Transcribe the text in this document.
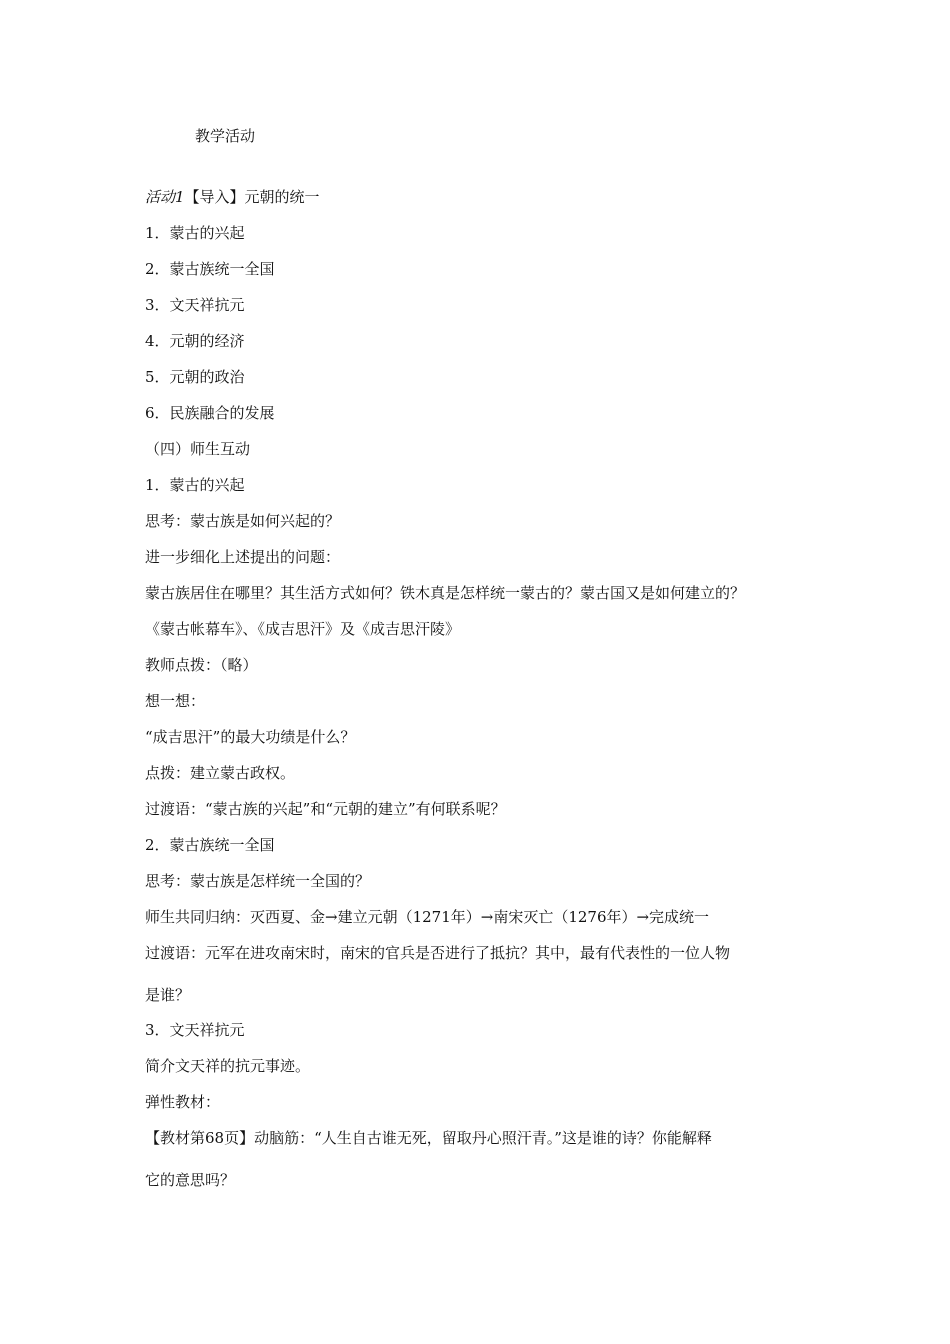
教学活动
活动1【导入】元朝的统一
1．蒙古的兴起
2．蒙古族统一全国
3．文天祥抗元
4．元朝的经济
5．元朝的政治
6．民族融合的发展
（四）师生互动
1．蒙古的兴起
思考：蒙古族是如何兴起的？
进一步细化上述提出的问题：
蒙古族居住在哪里？其生活方式如何？铁木真是怎样统一蒙古的？蒙古国又是如何建立的？
《蒙古帐幕车》、《成吉思汗》及《成吉思汗陵》
教师点拨：（略）
想一想：
“成吉思汗”的最大功绩是什么？
点拨：建立蒙古政权。
过渡语：“蒙古族的兴起”和“元朝的建立”有何联系呢？
2．蒙古族统一全国
思考：蒙古族是怎样统一全国的？
师生共同归纳：灭西夏、金→建立元朝（1271年）→南宋灭亡（1276年）→完成统一
过渡语：元军在进攻南宋时，南宋的官兵是否进行了抵抗？其中，最有代表性的一位人物
是谁？
3．文天祥抗元
简介文天祥的抗元事迹。
弹性教材：
【教材第68页】动脑筋：“人生自古谁无死，留取丹心照汗青。”这是谁的诗？你能解释
它的意思吗？
